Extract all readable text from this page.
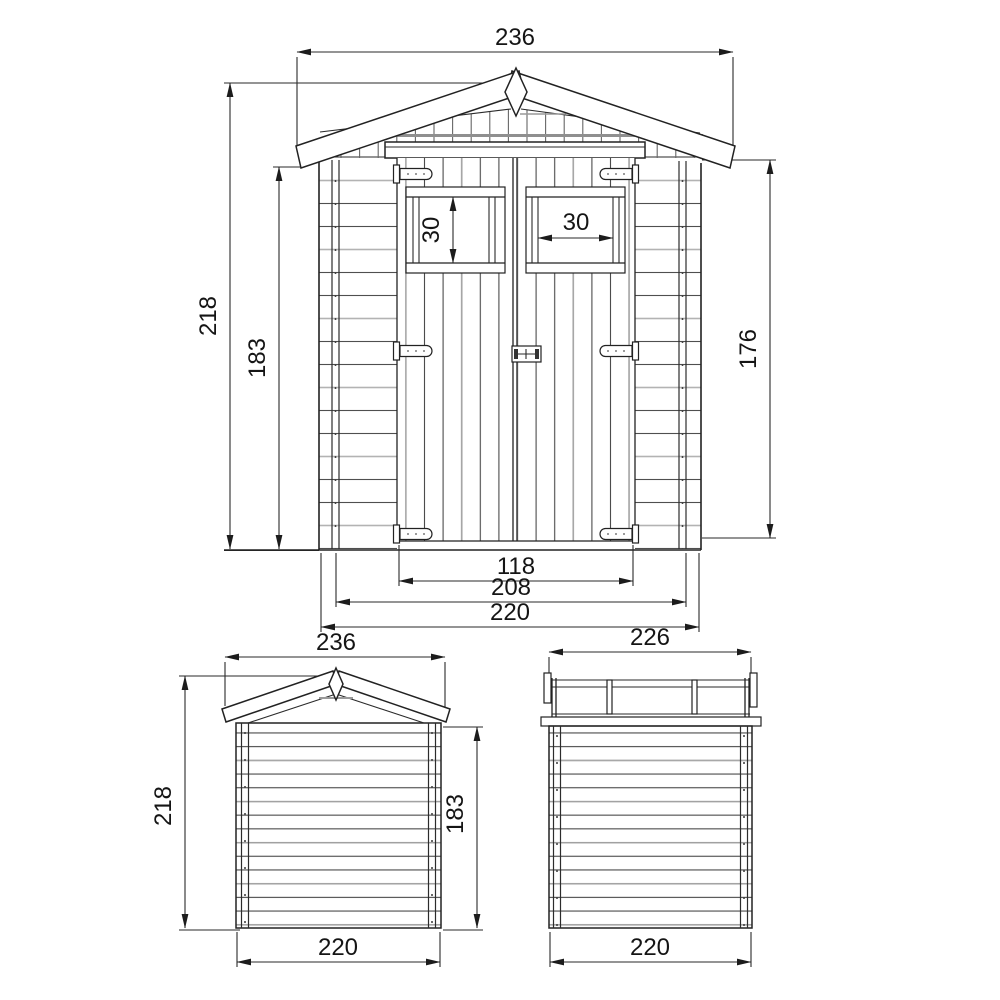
236
218
183	176
30	30
118
208
220
236
218	183
220
226
220
